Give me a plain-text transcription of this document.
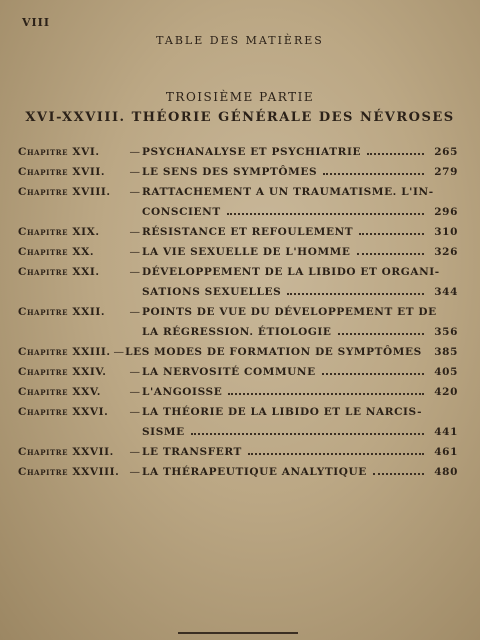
VIII
TABLE DES MATIÈRES
TROISIÈME PARTIE
XVI-XXVIII. THÉORIE GÉNÉRALE DES NÉVROSES
Chapitre XVI.	— PSYCHANALYSE ET PSYCHIATRIE	265
Chapitre XVII.	— LE SENS DES SYMPTÔMES	279
Chapitre XVIII.	— RATTACHEMENT A UN TRAUMATISME. L'IN-
CONSCIENT	296
Chapitre XIX.	— RÉSISTANCE ET REFOULEMENT	310
Chapitre XX.	— LA VIE SEXUELLE DE L'HOMME	326
Chapitre XXI.	— DÉVELOPPEMENT DE LA LIBIDO ET ORGANI-
SATIONS SEXUELLES	344
Chapitre XXII.	— POINTS DE VUE DU DÉVELOPPEMENT ET DE
LA RÉGRESSION. ÉTIOLOGIE	356
Chapitre XXIII. — LES MODES DE FORMATION DE SYMPTÔMES 385
Chapitre XXIV.	— LA NERVOSITÉ COMMUNE	405
Chapitre XXV.	— L'ANGOISSE	420
Chapitre XXVI.	— LA THÉORIE DE LA LIBIDO ET LE NARCIS-
SISME	441
Chapitre XXVII.	— LE TRANSFERT	461
Chapitre XXVIII. — LA THÉRAPEUTIQUE ANALYTIQUE	480
